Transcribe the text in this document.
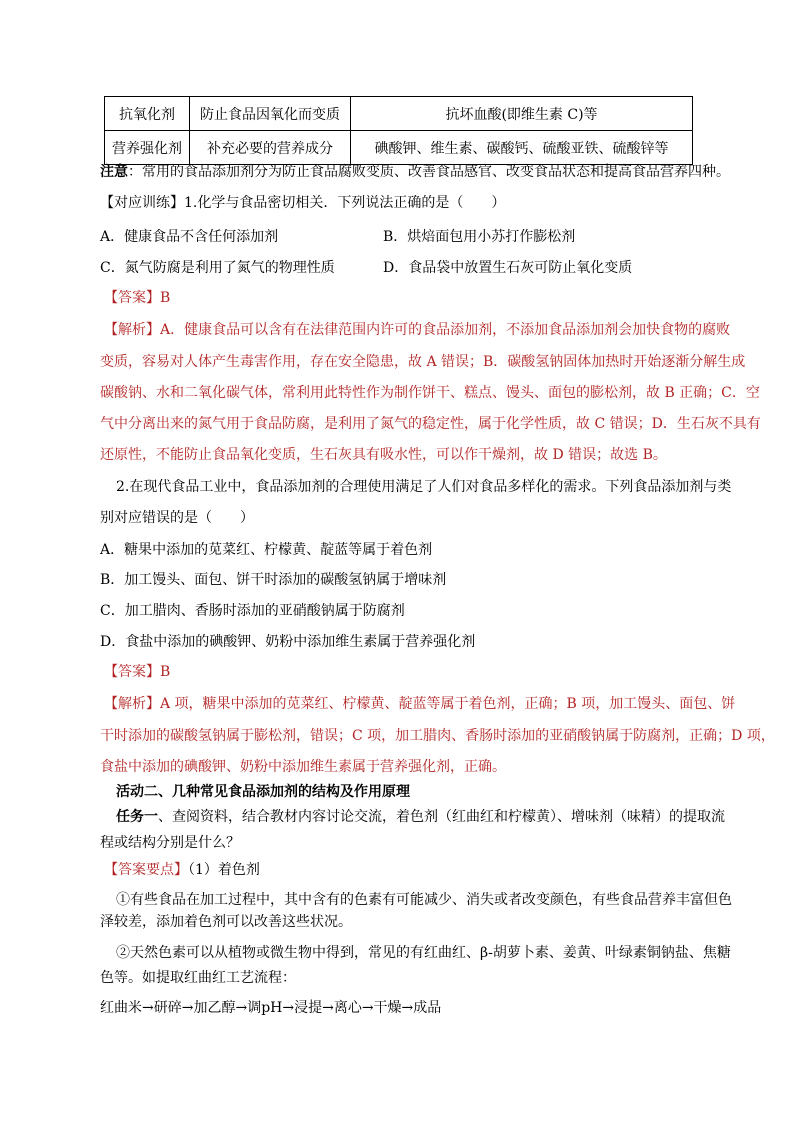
抗氧化剂	防止食品因氧化而变质	抗坏血酸(即维生素 C)等
营养强化剂	补充必要的营养成分	碘酸钾、维生素、碳酸钙、硫酸亚铁、硫酸锌等
注意：常用的食品添加剂分为防止食品腐败变质、改善食品感官、改变食品状态和提高食品营养四种。
【对应训练】1.化学与食品密切相关．下列说法正确的是（　　）
A．健康食品不含任何添加剂	B．烘焙面包用小苏打作膨松剂
C．氮气防腐是利用了氮气的物理性质	D．食品袋中放置生石灰可防止氧化变质
【答案】B
【解析】A．健康食品可以含有在法律范围内许可的食品添加剂，不添加食品添加剂会加快食物的腐败
变质，容易对人体产生毒害作用，存在安全隐患，故 A 错误；B．碳酸氢钠固体加热时开始逐渐分解生成
碳酸钠、水和二氧化碳气体，常利用此特性作为制作饼干、糕点、馒头、面包的膨松剂，故 B 正确；C．空
气中分离出来的氮气用于食品防腐，是利用了氮气的稳定性，属于化学性质，故 C 错误；D．生石灰不具有
还原性，不能防止食品氧化变质，生石灰具有吸水性，可以作干燥剂，故 D 错误；故选 B。
2.在现代食品工业中，食品添加剂的合理使用满足了人们对食品多样化的需求。下列食品添加剂与类
别对应错误的是（　　）
A．糖果中添加的苋菜红、柠檬黄、靛蓝等属于着色剂
B．加工馒头、面包、饼干时添加的碳酸氢钠属于增味剂
C．加工腊肉、香肠时添加的亚硝酸钠属于防腐剂
D．食盐中添加的碘酸钾、奶粉中添加维生素属于营养强化剂
【答案】B
【解析】A 项，糖果中添加的苋菜红、柠檬黄、靛蓝等属于着色剂，正确；B 项，加工馒头、面包、饼
干时添加的碳酸氢钠属于膨松剂，错误；C 项，加工腊肉、香肠时添加的亚硝酸钠属于防腐剂，正确；D 项，
食盐中添加的碘酸钾、奶粉中添加维生素属于营养强化剂，正确。
活动二、几种常见食品添加剂的结构及作用原理
任务一、查阅资料，结合教材内容讨论交流，着色剂（红曲红和柠檬黄）、增味剂（味精）的提取流
程或结构分别是什么？
【答案要点】（1）着色剂
①有些食品在加工过程中，其中含有的色素有可能减少、消失或者改变颜色，有些食品营养丰富但色
泽较差，添加着色剂可以改善这些状况。
②天然色素可以从植物或微生物中得到，常见的有红曲红、β-胡萝卜素、姜黄、叶绿素铜钠盐、焦糖
色等。如提取红曲红工艺流程：
红曲米→研碎→加乙醇→调pH→浸提→离心→干燥→成品
